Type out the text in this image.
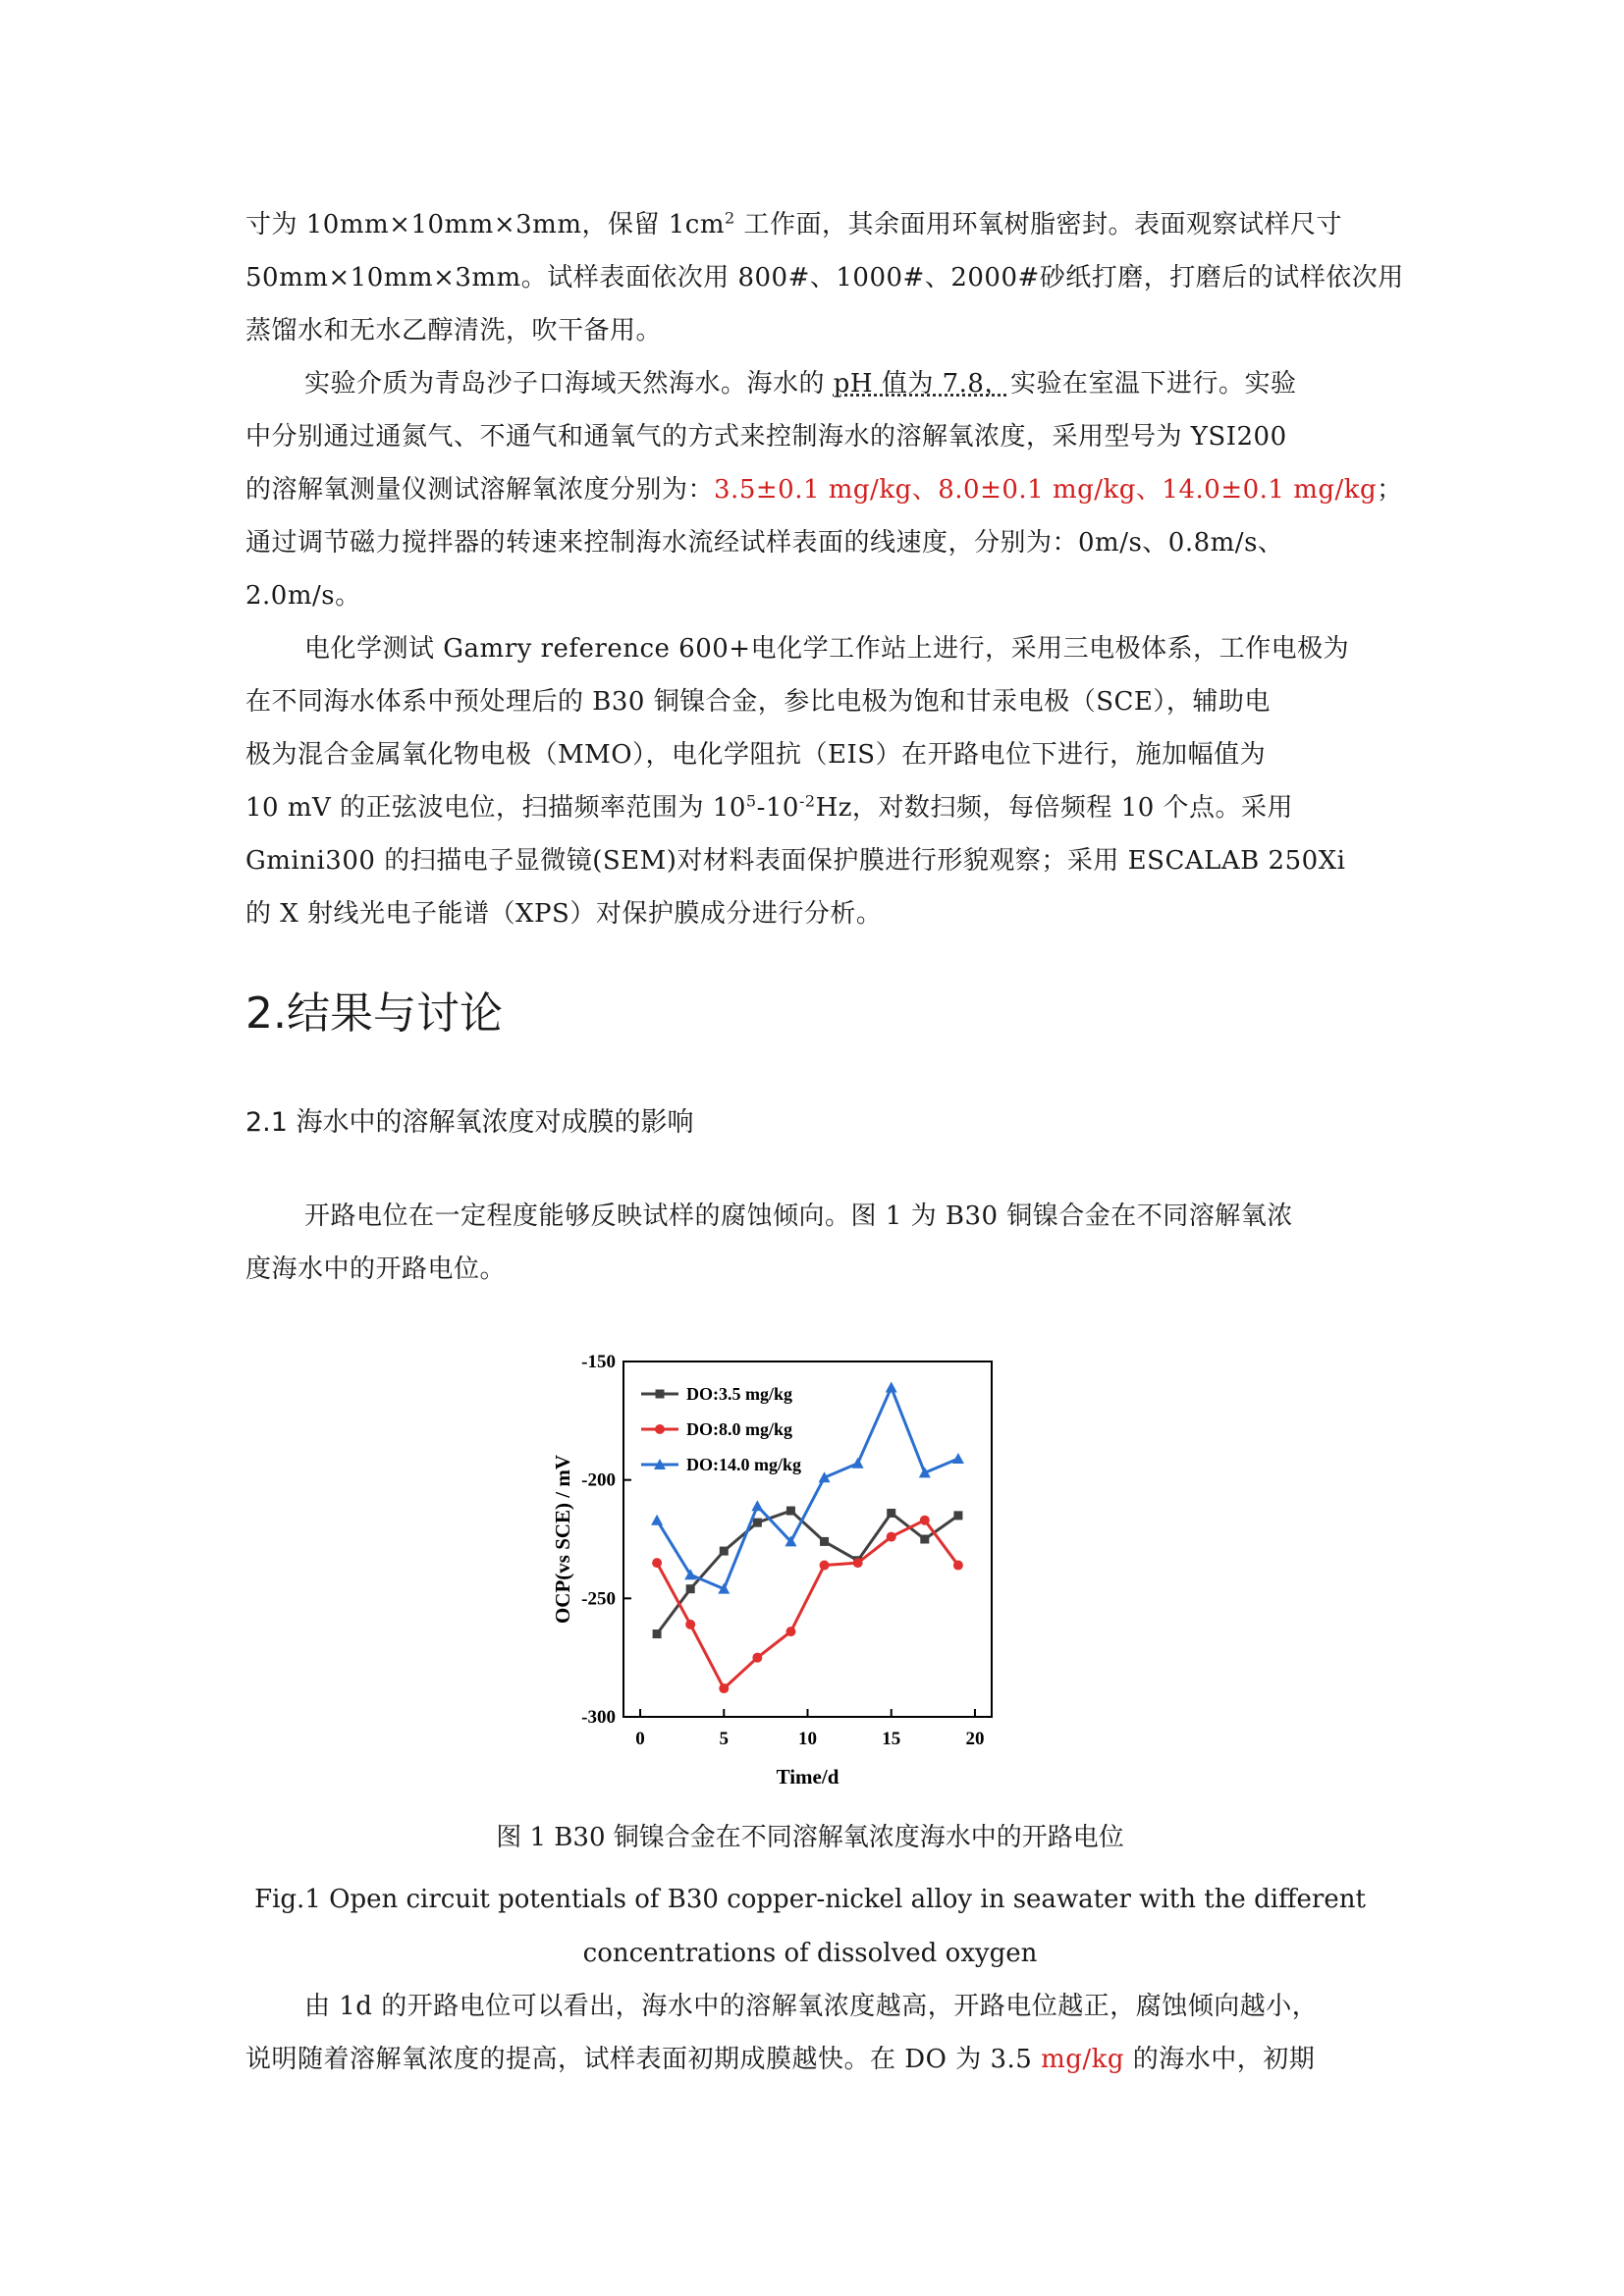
寸为 10mm×10mm×3mm，保留 $1cm^2$ 工作面，其余面用环氧树脂密封。表面观察试样尺寸
50mm×10mm×3mm。试样表面依次用 800#、1000#、2000#砂纸打磨，打磨后的试样依次用
蒸馏水和无水乙醇清洗，吹干备用。
实验介质为青岛沙子口海域天然海水。海水的 pH 值为 7.8，实验在室温下进行。实验
中分别通过通氮气、不通气和通氧气的方式来控制海水的溶解氧浓度，采用型号为 YSI200
的溶解氧测量仪测试溶解氧浓度分别为：3.5±0.1 mg/kg、8.0±0.1 mg/kg、14.0±0.1 mg/kg；
通过调节磁力搅拌器的转速来控制海水流经试样表面的线速度，分别为：0m/s、0.8m/s、
2.0m/s。
电化学测试 Gamry reference 600+电化学工作站上进行，采用三电极体系，工作电极为
在不同海水体系中预处理后的 B30 铜镍合金，参比电极为饱和甘汞电极（SCE），辅助电
极为混合金属氧化物电极（MMO），电化学阻抗（EIS）在开路电位下进行，施加幅值为
10 mV 的正弦波电位，扫描频率范围为 $10^5-10^{-2}Hz$，对数扫频，每倍频程 10 个点。采用
Gmini300 的扫描电子显微镜(SEM)对材料表面保护膜进行形貌观察；采用 ESCALAB 250Xi
的 X 射线光电子能谱（XPS）对保护膜成分进行分析。
2.结果与讨论
2.1 海水中的溶解氧浓度对成膜的影响
开路电位在一定程度能够反映试样的腐蚀倾向。图 1 为 B30 铜镍合金在不同溶解氧浓
度海水中的开路电位。
0	5	10	15	20
-300
-250
-200
-150
Time/d
OCP(vs SCE) / mV
DO:3.5 mg/kg
DO:8.0 mg/kg
DO:14.0 mg/kg
图 1 B30 铜镍合金在不同溶解氧浓度海水中的开路电位
Fig.1 Open circuit potentials of B30 copper-nickel alloy in seawater with the different
concentrations of dissolved oxygen
由 1d 的开路电位可以看出，海水中的溶解氧浓度越高，开路电位越正，腐蚀倾向越小，
说明随着溶解氧浓度的提高，试样表面初期成膜越快。在 DO 为 3.5 mg/kg 的海水中，初期
